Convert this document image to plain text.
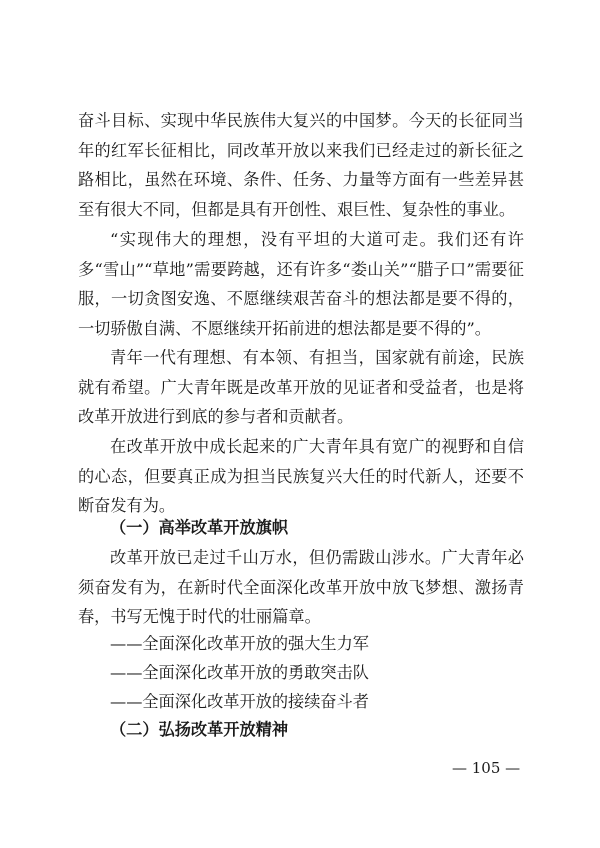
奋斗目标、实现中华民族伟大复兴的中国梦。今天的长征同当年的红军长征相比，同改革开放以来我们已经走过的新长征之路相比，虽然在环境、条件、任务、力量等方面有一些差异甚至有很大不同，但都是具有开创性、艰巨性、复杂性的事业。

“实现伟大的理想，没有平坦的大道可走。我们还有许多“雪山”“草地”需要跨越，还有许多“娄山关”“腊子口”需要征服，一切贪图安逸、不愿继续艰苦奋斗的想法都是要不得的，一切骄傲自满、不愿继续开拓前进的想法都是要不得的”。

青年一代有理想、有本领、有担当，国家就有前途，民族就有希望。广大青年既是改革开放的见证者和受益者，也是将改革开放进行到底的参与者和贡献者。

在改革开放中成长起来的广大青年具有宽广的视野和自信的心态，但要真正成为担当民族复兴大任的时代新人，还要不断奋发有为。

（一）高举改革开放旗帜

改革开放已走过千山万水，但仍需跋山涉水。广大青年必须奋发有为，在新时代全面深化改革开放中放飞梦想、激扬青春，书写无愧于时代的壮丽篇章。

——全面深化改革开放的强大生力军

——全面深化改革开放的勇敢突击队

——全面深化改革开放的接续奋斗者

（二）弘扬改革开放精神
— 105 —
